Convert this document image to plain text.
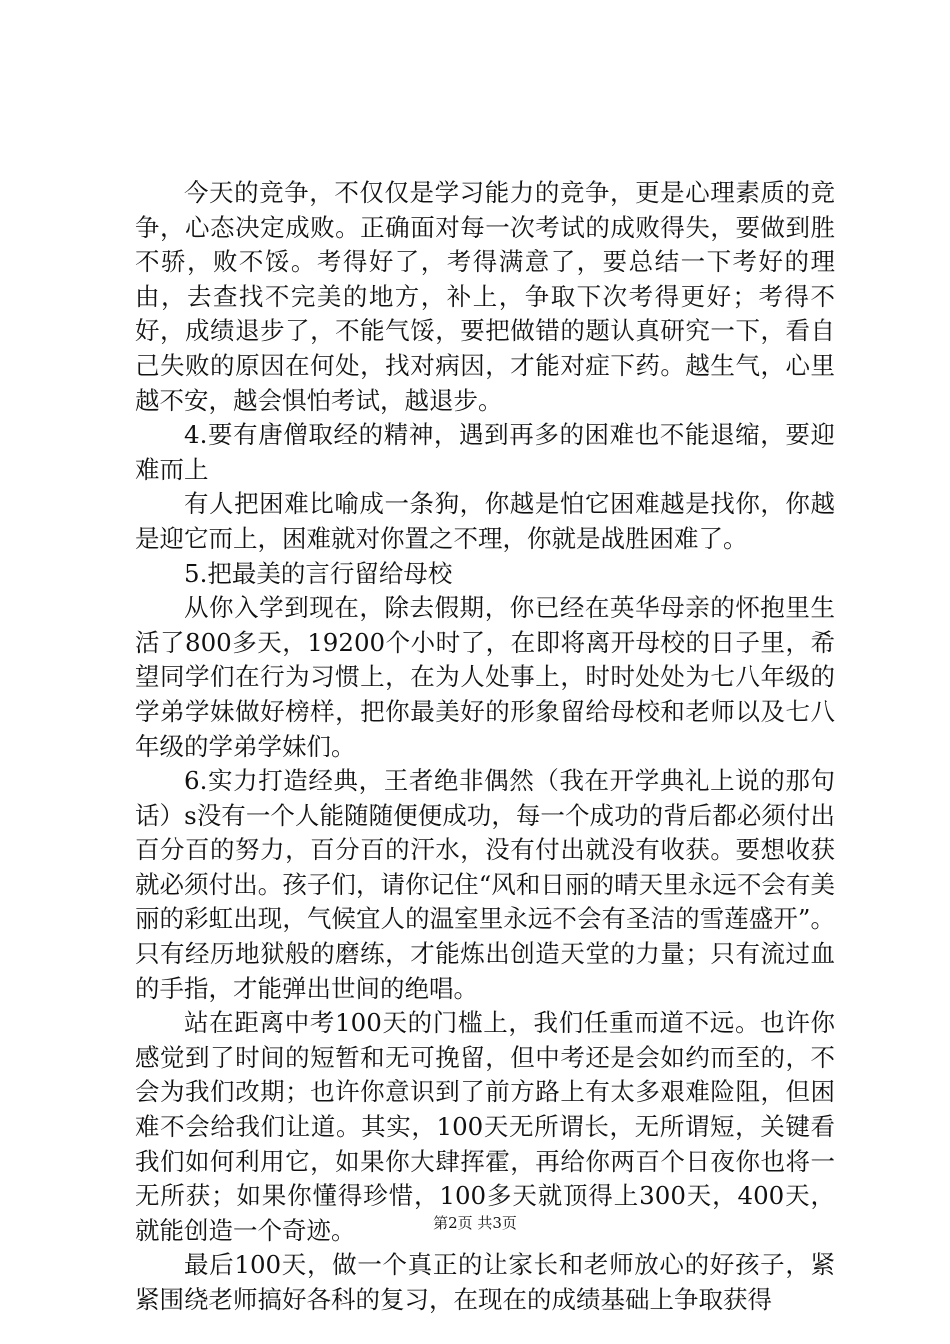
今天的竞争，不仅仅是学习能力的竞争，更是心理素质的竞争，心态决定成败。正确面对每一次考试的成败得失，要做到胜不骄，败不馁。考得好了，考得满意了，要总结一下考好的理由，去查找不完美的地方，补上，争取下次考得更好；考得不好，成绩退步了，不能气馁，要把做错的题认真研究一下，看自己失败的原因在何处，找对病因，才能对症下药。越生气，心里越不安，越会惧怕考试，越退步。

4.要有唐僧取经的精神，遇到再多的困难也不能退缩，要迎难而上

有人把困难比喻成一条狗，你越是怕它困难越是找你，你越是迎它而上，困难就对你置之不理，你就是战胜困难了。

5.把最美的言行留给母校

从你入学到现在，除去假期，你已经在英华母亲的怀抱里生活了800多天，19200个小时了，在即将离开母校的日子里，希望同学们在行为习惯上，在为人处事上，时时处处为七八年级的学弟学妹做好榜样，把你最美好的形象留给母校和老师以及七八年级的学弟学妹们。

6.实力打造经典，王者绝非偶然（我在开学典礼上说的那句话）s没有一个人能随随便便成功，每一个成功的背后都必须付出百分百的努力，百分百的汗水，没有付出就没有收获。要想收获就必须付出。孩子们，请你记住“风和日丽的晴天里永远不会有美丽的彩虹出现，气候宜人的温室里永远不会有圣洁的雪莲盛开”。只有经历地狱般的磨练，才能炼出创造天堂的力量；只有流过血的手指，才能弹出世间的绝唱。

站在距离中考100天的门槛上，我们任重而道不远。也许你感觉到了时间的短暂和无可挽留，但中考还是会如约而至的，不会为我们改期；也许你意识到了前方路上有太多艰难险阻，但困难不会给我们让道。其实，100天无所谓长，无所谓短，关键看我们如何利用它，如果你大肆挥霍，再给你两百个日夜你也将一无所获；如果你懂得珍惜，100多天就顶得上300天，400天，就能创造一个奇迹。

最后100天，做一个真正的让家长和老师放心的好孩子，紧紧围绕老师搞好各科的复习，在现在的成绩基础上争取获得

第2页 共3页
